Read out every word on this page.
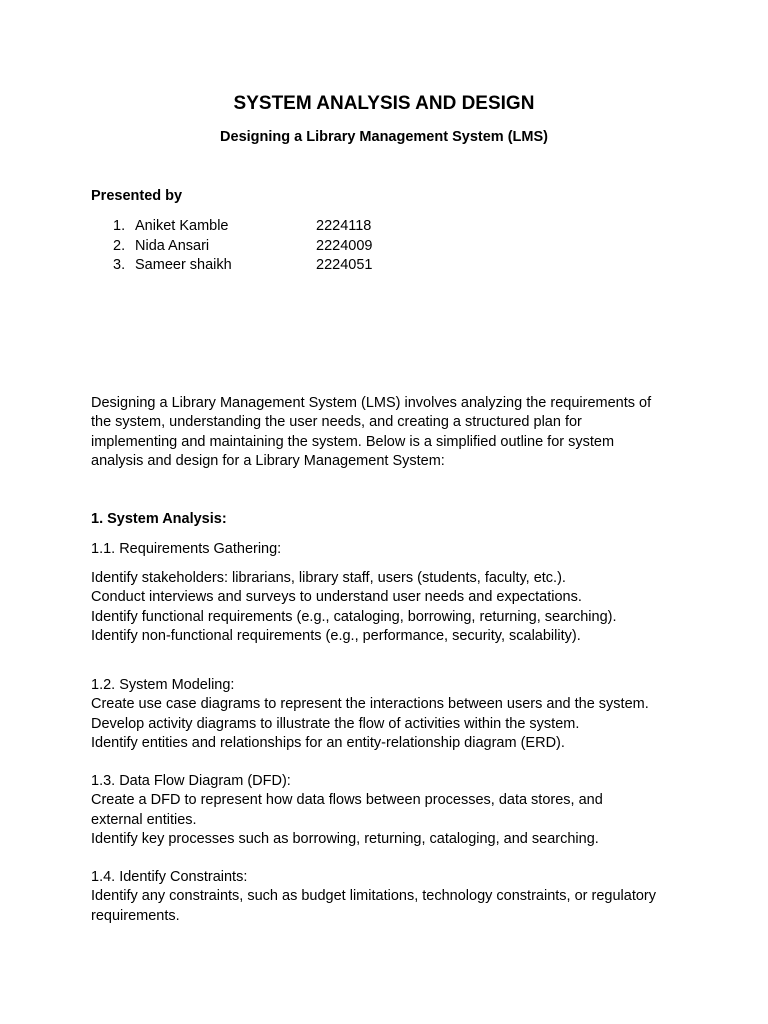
SYSTEM ANALYSIS AND DESIGN
Designing a Library Management System (LMS)
Presented by
1. Aniket Kamble	2224118
2. Nida Ansari	2224009
3. Sameer shaikh	2224051

Designing a Library Management System (LMS) involves analyzing the requirements of

the system, understanding the user needs, and creating a structured plan for

implementing and maintaining the system. Below is a simplified outline for system

analysis and design for a Library Management System:

1. System Analysis:
1.1. Requirements Gathering:

Identify stakeholders: librarians, library staff, users (students, faculty, etc.).

Conduct interviews and surveys to understand user needs and expectations.

Identify functional requirements (e.g., cataloging, borrowing, returning, searching).

Identify non-functional requirements (e.g., performance, security, scalability).

1.2. System Modeling:

Create use case diagrams to represent the interactions between users and the system.

Develop activity diagrams to illustrate the flow of activities within the system.

Identify entities and relationships for an entity-relationship diagram (ERD).

1.3. Data Flow Diagram (DFD):

Create a DFD to represent how data flows between processes, data stores, and

external entities.

Identify key processes such as borrowing, returning, cataloging, and searching.

1.4. Identify Constraints:

Identify any constraints, such as budget limitations, technology constraints, or regulatory

requirements.
